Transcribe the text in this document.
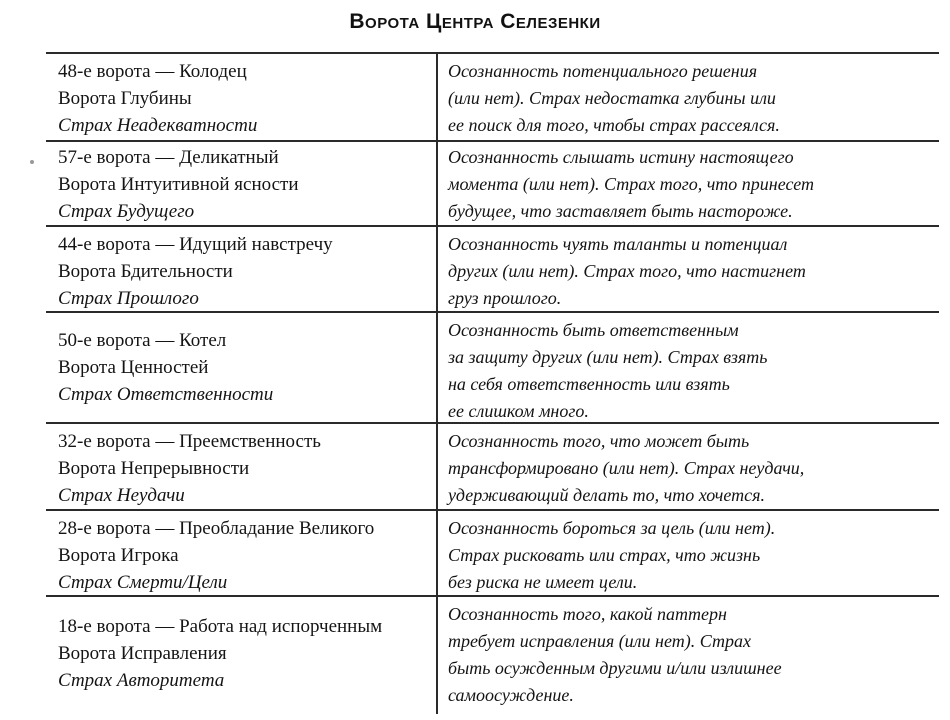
Ворота Центра Селезенки
48-е ворота — Колодец
Ворота Глубины
Страх Неадекватности
Осознанность потенциального решения
(или нет). Страх недостатка глубины или
ее поиск для того, чтобы страх рассеялся.
57-е ворота — Деликатный
Ворота Интуитивной ясности
Страх Будущего
Осознанность слышать истину настоящего
момента (или нет). Страх того, что принесет
будущее, что заставляет быть настороже.
44-е ворота — Идущий навстречу
Ворота Бдительности
Страх Прошлого
Осознанность чуять таланты и потенциал
других (или нет). Страх того, что настигнет
груз прошлого.
50-е ворота — Котел
Ворота Ценностей
Страх Ответственности
Осознанность быть ответственным
за защиту других (или нет). Страх взять
на себя ответственность или взять
ее слишком много.
32-е ворота — Преемственность
Ворота Непрерывности
Страх Неудачи
Осознанность того, что может быть
трансформировано (или нет). Страх неудачи,
удерживающий делать то, что хочется.
28-е ворота — Преобладание Великого
Ворота Игрока
Страх Смерти/Цели
Осознанность бороться за цель (или нет).
Страх рисковать или страх, что жизнь
без риска не имеет цели.
18-е ворота — Работа над испорченным
Ворота Исправления
Страх Авторитета
Осознанность того, какой паттерн
требует исправления (или нет). Страх
быть осужденным другими и/или излишнее
самоосуждение.
